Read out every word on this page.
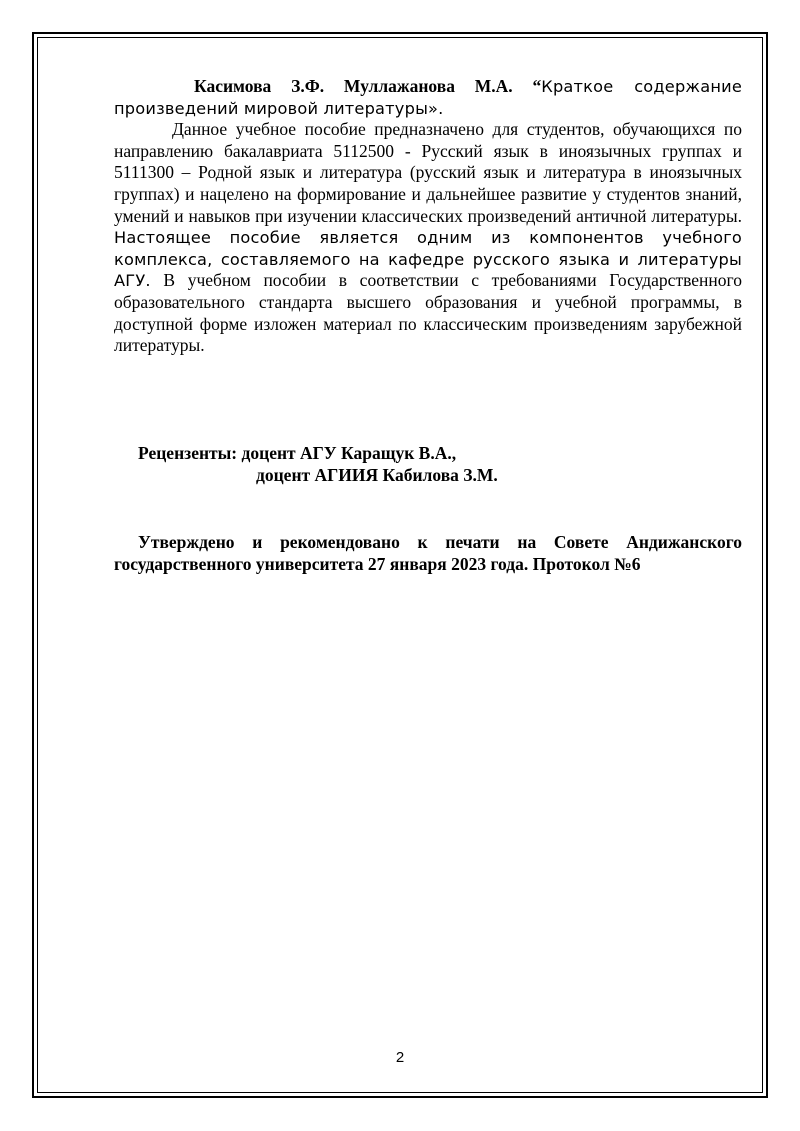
Касимова З.Ф. Муллажанова М.А. “Краткое содержание произведений мировой литературы».

Данное учебное пособие предназначено для студентов, обучающихся по направлению бакалавриата 5112500 - Русский язык в иноязычных группах и 5111300 – Родной язык и литература (русский язык и литература в иноязычных группах) и нацелено на формирование и дальнейшее развитие у студентов знаний, умений и навыков при изучении классических произведений античной литературы. Настоящее пособие является одним из компонентов учебного комплекса, составляемого на кафедре русского языка и литературы АГУ. В учебном пособии в соответствии с требованиями Государственного образовательного стандарта высшего образования и учебной программы, в доступной форме изложен материал по классическим произведениям зарубежной литературы.

Рецензенты: доцент АГУ Каращук В.А.,
доцент АГИИЯ Кабилова З.М.
Утверждено и рекомендовано к печати на Совете Андижанского государственного университета 27 января 2023 года. Протокол №6
2
